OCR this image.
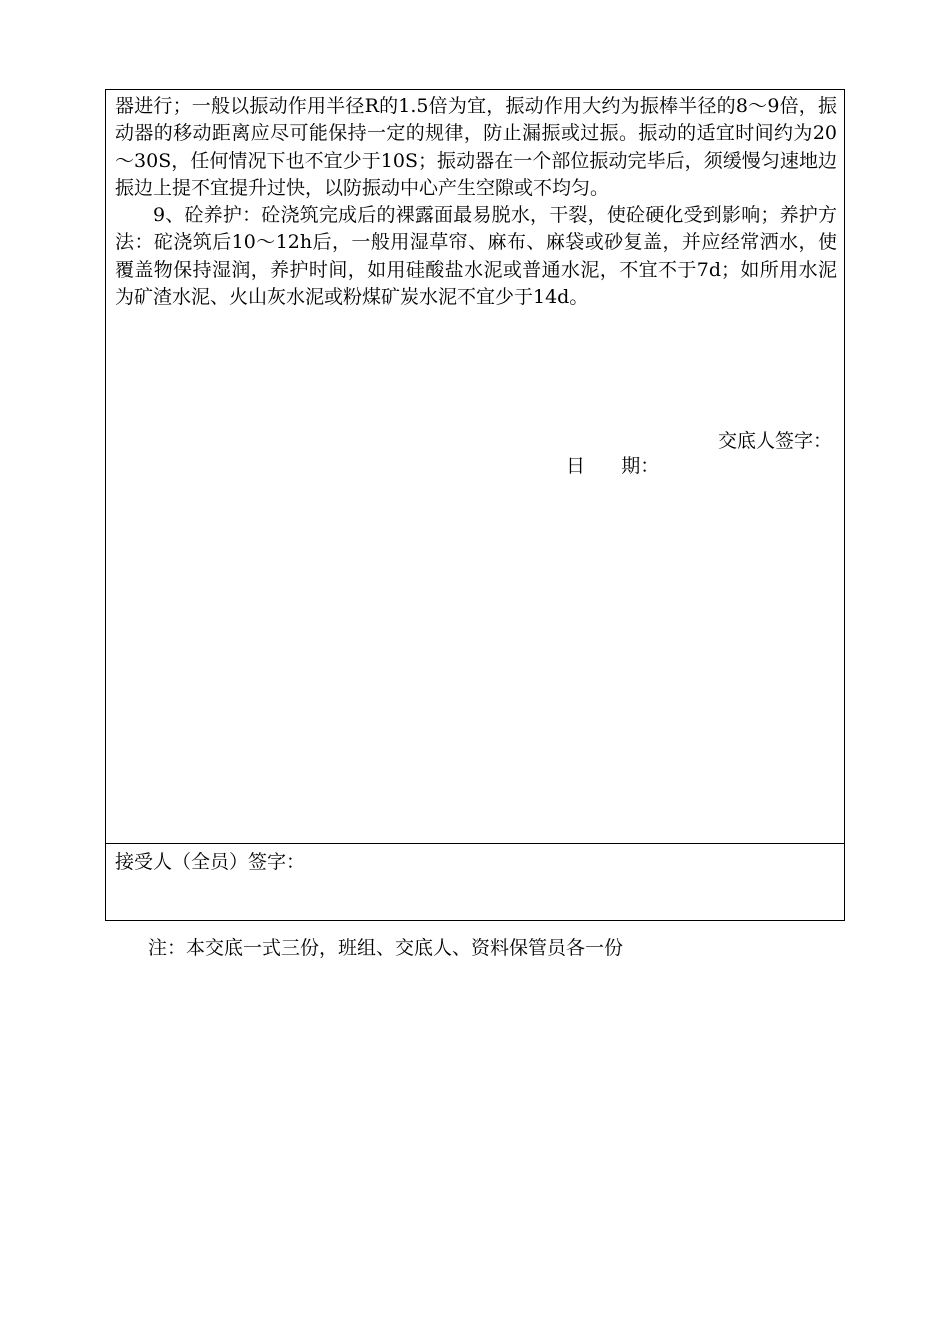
器进行；一般以振动作用半径R的1.5倍为宜，振动作用大约为振棒半径的8～9倍，振动器的移动距离应尽可能保持一定的规律，防止漏振或过振。振动的适宜时间约为20～30S，任何情况下也不宜少于10S；振动器在一个部位振动完毕后，须缓慢匀速地边振边上提不宜提升过快，以防振动中心产生空隙或不均匀。

9、砼养护：砼浇筑完成后的裸露面最易脱水，干裂，使砼硬化受到影响；养护方法：砣浇筑后10～12h后，一般用湿草帘、麻布、麻袋或砂复盖，并应经常洒水，使覆盖物保持湿润，养护时间，如用硅酸盐水泥或普通水泥，不宜不于7d；如所用水泥为矿渣水泥、火山灰水泥或粉煤矿炭水泥不宜少于14d。

交底人签字：
日      期：
接受人（全员）签字：
注：本交底一式三份，班组、交底人、资料保管员各一份
